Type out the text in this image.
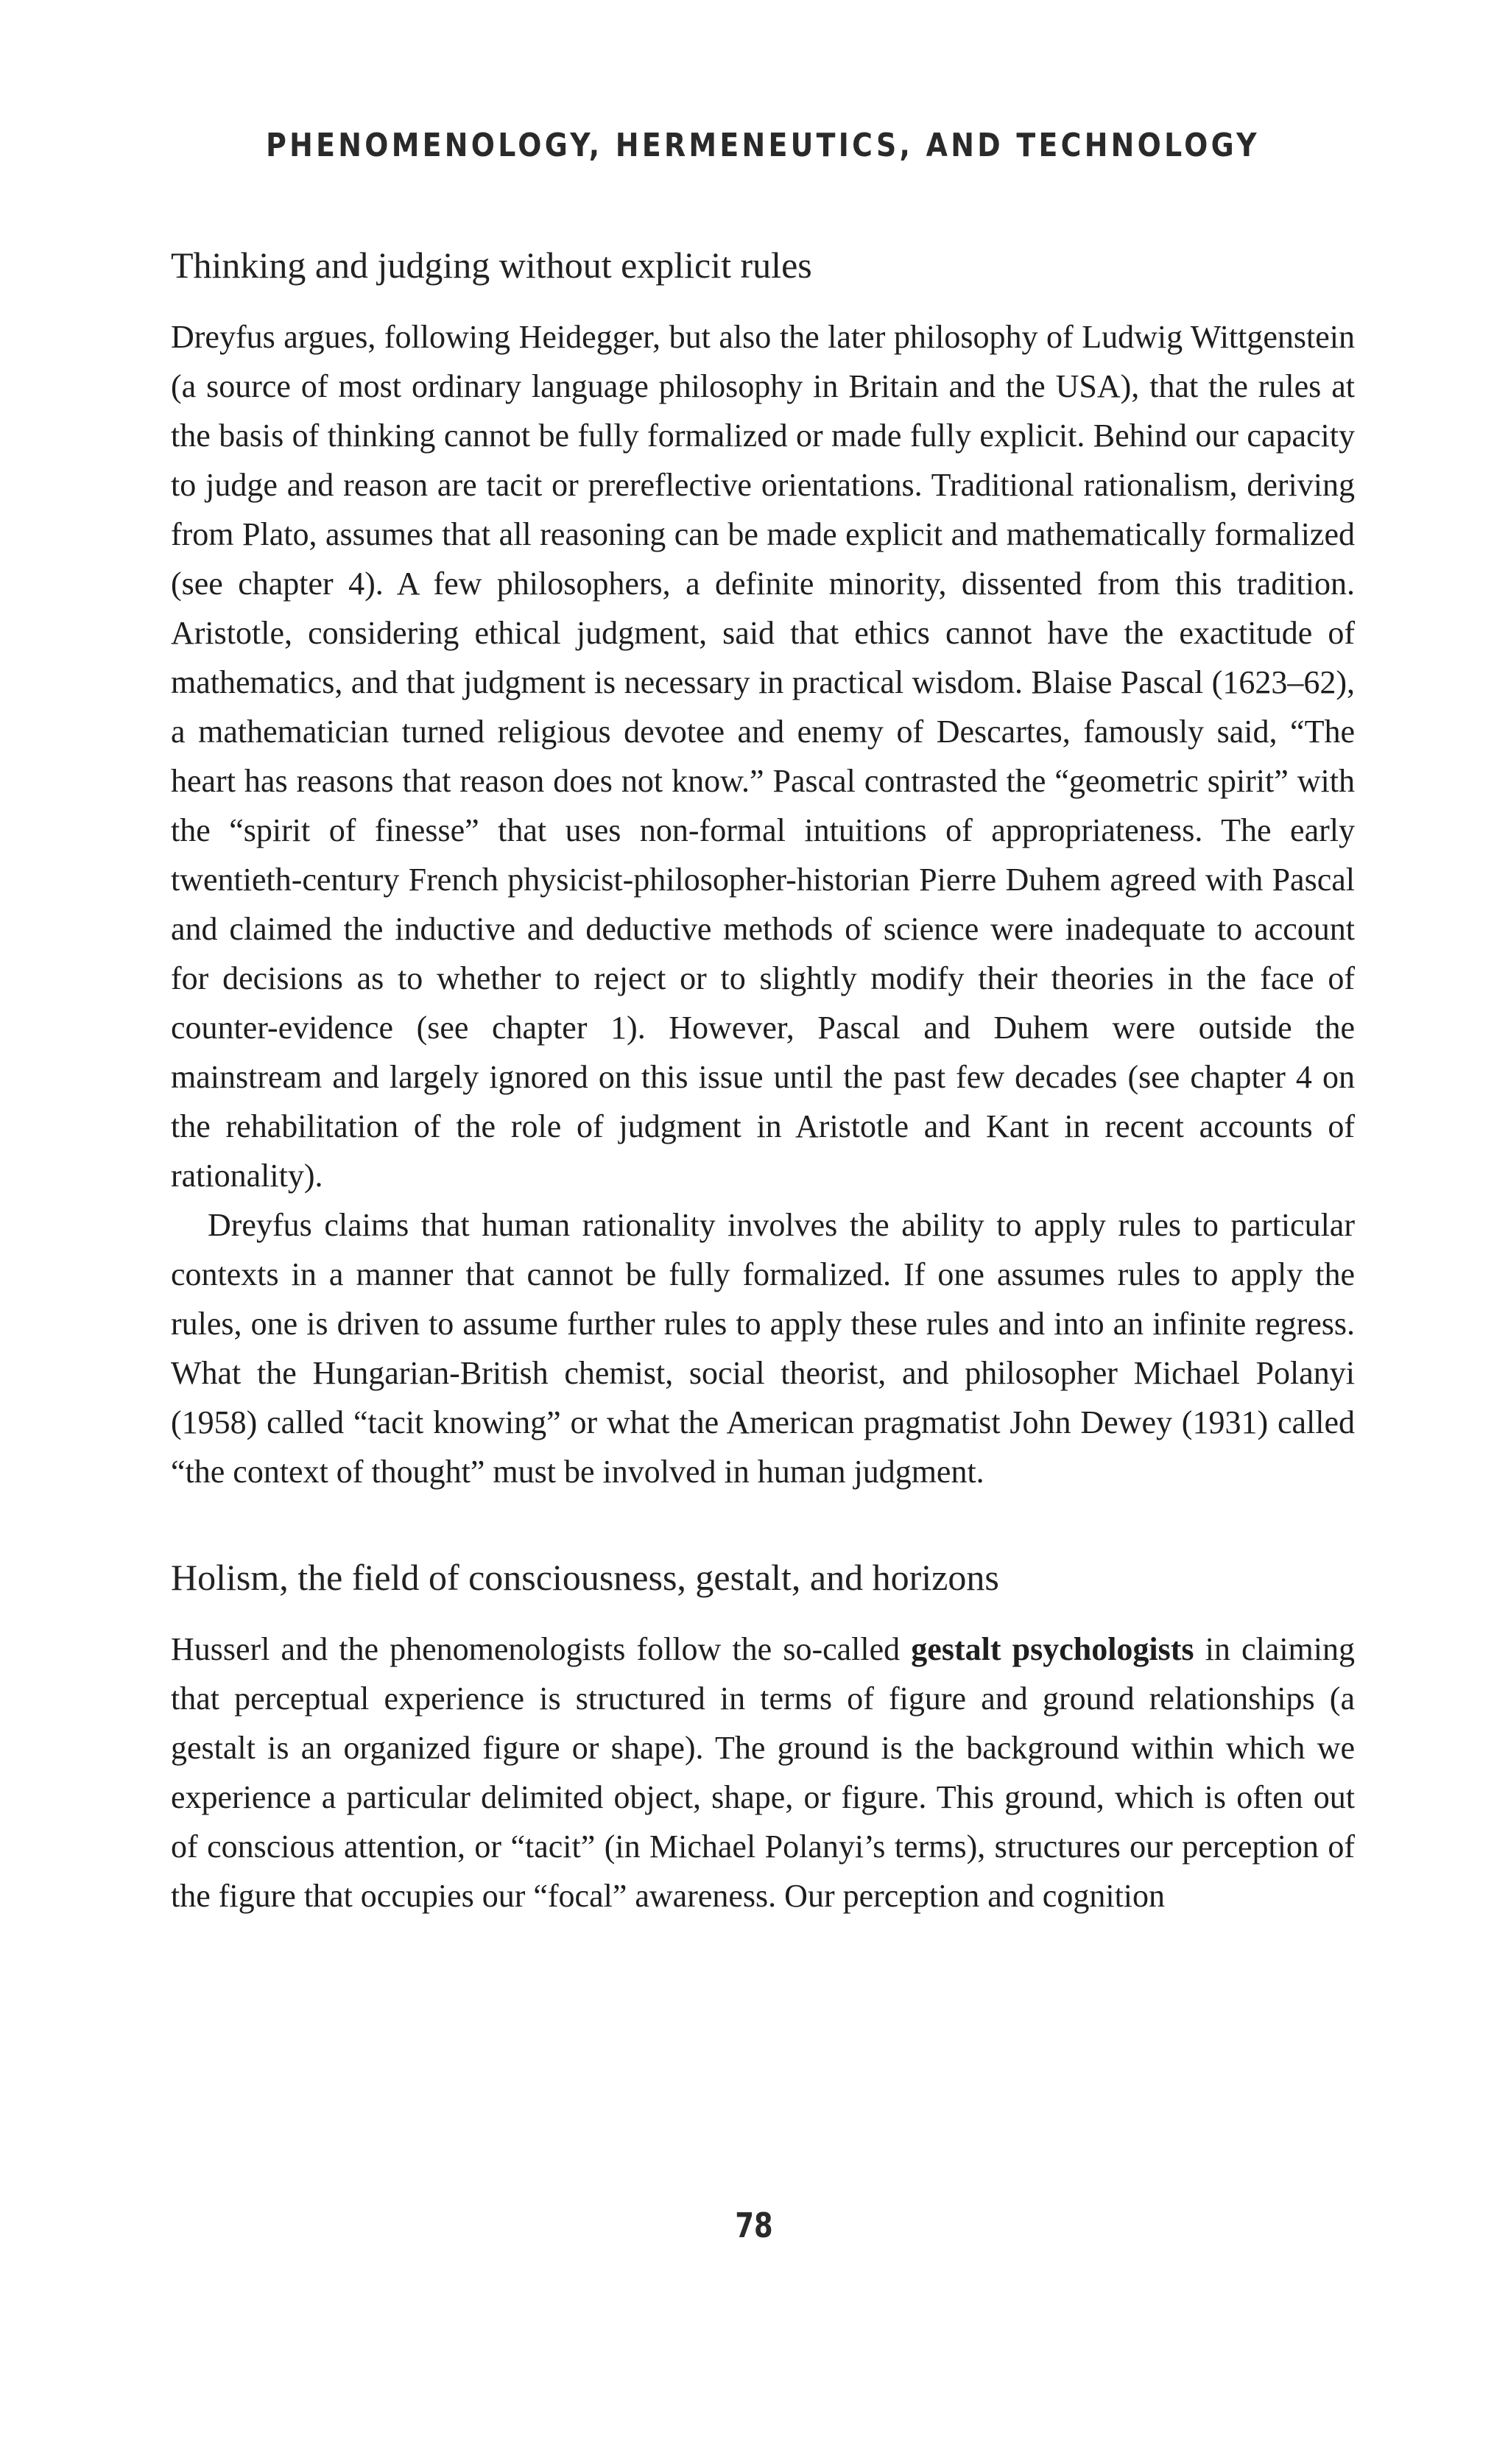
PHENOMENOLOGY, HERMENEUTICS, AND TECHNOLOGY
Thinking and judging without explicit rules

Dreyfus argues, following Heidegger, but also the later philosophy of Ludwig Wittgenstein (a source of most ordinary language philosophy in Britain and the USA), that the rules at the basis of thinking cannot be fully formalized or made fully explicit. Behind our capacity to judge and reason are tacit or prereflective orientations. Traditional rationalism, deriving from Plato, assumes that all reasoning can be made explicit and mathematically formalized (see chapter 4). A few philosophers, a definite minority, dissented from this tradition. Aristotle, considering ethical judgment, said that ethics cannot have the exactitude of mathematics, and that judgment is necessary in practical wisdom. Blaise Pascal (1623–62), a mathematician turned religious devotee and enemy of Descartes, famously said, “The heart has reasons that reason does not know.” Pascal contrasted the “geometric spirit” with the “spirit of finesse” that uses non-formal intuitions of appropriateness. The early twentieth-century French physicist-philosopher-historian Pierre Duhem agreed with Pascal and claimed the inductive and deductive methods of science were inadequate to account for decisions as to whether to reject or to slightly modify their theories in the face of counter-evidence (see chapter 1). However, Pascal and Duhem were outside the mainstream and largely ignored on this issue until the past few decades (see chapter 4 on the rehabilitation of the role of judgment in Aristotle and Kant in recent accounts of rationality).

Dreyfus claims that human rationality involves the ability to apply rules to particular contexts in a manner that cannot be fully formalized. If one assumes rules to apply the rules, one is driven to assume further rules to apply these rules and into an infinite regress. What the Hungarian-British chemist, social theorist, and philosopher Michael Polanyi (1958) called “tacit knowing” or what the American pragmatist John Dewey (1931) called “the context of thought” must be involved in human judgment.

Holism, the field of consciousness, gestalt, and horizons

Husserl and the phenomenologists follow the so-called gestalt psychologists in claiming that perceptual experience is structured in terms of figure and ground relationships (a gestalt is an organized figure or shape). The ground is the background within which we experience a particular delimited object, shape, or figure. This ground, which is often out of conscious attention, or “tacit” (in Michael Polanyi’s terms), structures our perception of the figure that occupies our “focal” awareness. Our perception and cognition

78
